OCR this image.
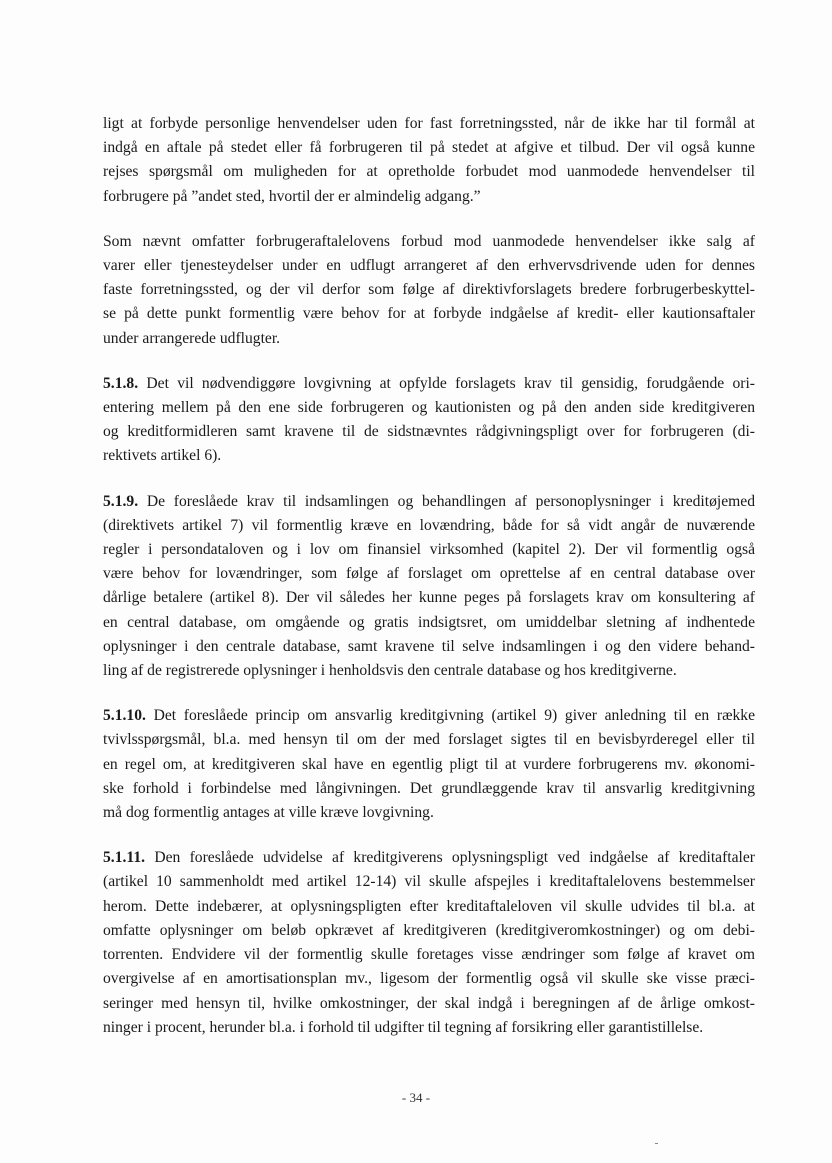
ligt at forbyde personlige henvendelser uden for fast forretningssted, når de ikke har til formål at
indgå en aftale på stedet eller få forbrugeren til på stedet at afgive et tilbud. Der vil også kunne
rejses spørgsmål om muligheden for at opretholde forbudet mod uanmodede henvendelser til
forbrugere på ”andet sted, hvortil der er almindelig adgang.”

Som nævnt omfatter forbrugeraftalelovens forbud mod uanmodede henvendelser ikke salg af
varer eller tjenesteydelser under en udflugt arrangeret af den erhvervsdrivende uden for dennes
faste forretningssted, og der vil derfor som følge af direktivforslagets bredere forbrugerbeskyttel-
se på dette punkt formentlig være behov for at forbyde indgåelse af kredit- eller kautionsaftaler
under arrangerede udflugter.

5.1.8. Det vil nødvendiggøre lovgivning at opfylde forslagets krav til gensidig, forudgående ori-
entering mellem på den ene side forbrugeren og kautionisten og på den anden side kreditgiveren
og kreditformidleren samt kravene til de sidstnævntes rådgivningspligt over for forbrugeren (di-
rektivets artikel 6).

5.1.9. De foreslåede krav til indsamlingen og behandlingen af personoplysninger i kreditøjemed
(direktivets artikel 7) vil formentlig kræve en lovændring, både for så vidt angår de nuværende
regler i persondataloven og i lov om finansiel virksomhed (kapitel 2). Der vil formentlig også
være behov for lovændringer, som følge af forslaget om oprettelse af en central database over
dårlige betalere (artikel 8). Der vil således her kunne peges på forslagets krav om konsultering af
en central database, om omgående og gratis indsigtsret, om umiddelbar sletning af indhentede
oplysninger i den centrale database, samt kravene til selve indsamlingen i og den videre behand-
ling af de registrerede oplysninger i henholdsvis den centrale database og hos kreditgiverne.

5.1.10. Det foreslåede princip om ansvarlig kreditgivning (artikel 9) giver anledning til en række
tvivlsspørgsmål, bl.a. med hensyn til om der med forslaget sigtes til en bevisbyrderegel eller til
en regel om, at kreditgiveren skal have en egentlig pligt til at vurdere forbrugerens mv. økonomi-
ske forhold i forbindelse med långivningen. Det grundlæggende krav til ansvarlig kreditgivning
må dog formentlig antages at ville kræve lovgivning.

5.1.11. Den foreslåede udvidelse af kreditgiverens oplysningspligt ved indgåelse af kreditaftaler
(artikel 10 sammenholdt med artikel 12-14) vil skulle afspejles i kreditaftalelovens bestemmelser
herom. Dette indebærer, at oplysningspligten efter kreditaftaleloven vil skulle udvides til bl.a. at
omfatte oplysninger om beløb opkrævet af kreditgiveren (kreditgiveromkostninger) og om debi-
torrenten. Endvidere vil der formentlig skulle foretages visse ændringer som følge af kravet om
overgivelse af en amortisationsplan mv., ligesom der formentlig også vil skulle ske visse præci-
seringer med hensyn til, hvilke omkostninger, der skal indgå i beregningen af de årlige omkost-
ninger i procent, herunder bl.a. i forhold til udgifter til tegning af forsikring eller garantistillelse.

- 34 -
